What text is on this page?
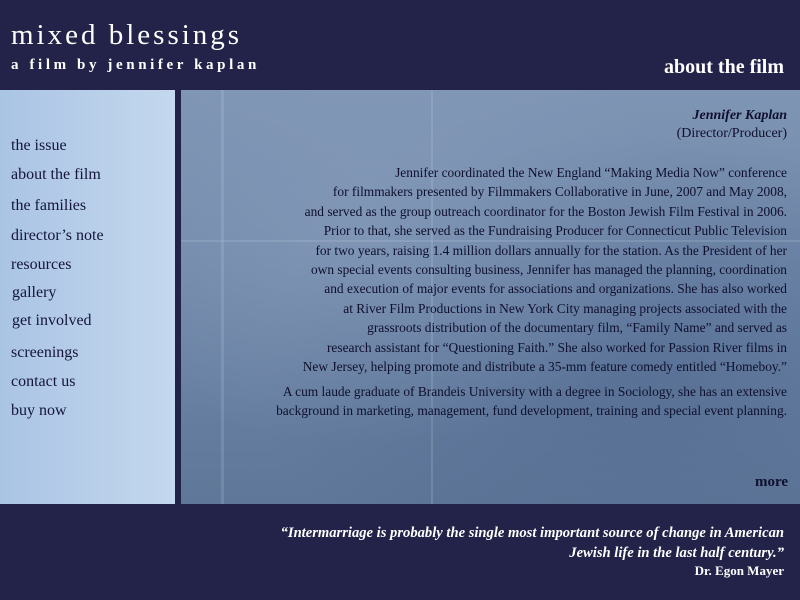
mixed blessings
a film by jennifer kaplan	about the film
the issue
about the film
the families
director’s note
resources
gallery
get involved
screenings
contact us
buy now
Jennifer Kaplan
(Director/Producer)
Jennifer coordinated the New England “Making Media Now” conference
for filmmakers presented by Filmmakers Collaborative in June, 2007 and May 2008,
and served as the group outreach coordinator for the Boston Jewish Film Festival in 2006.
Prior to that, she served as the Fundraising Producer for Connecticut Public Television
for two years, raising 1.4 million dollars annually for the station. As the President of her
own special events consulting business, Jennifer has managed the planning, coordination
and execution of major events for associations and organizations. She has also worked
at River Film Productions in New York City managing projects associated with the
grassroots distribution of the documentary film, “Family Name” and served as
research assistant for “Questioning Faith.” She also worked for Passion River films in
New Jersey, helping promote and distribute a 35-mm feature comedy entitled “Homeboy.”
A cum laude graduate of Brandeis University with a degree in Sociology, she has an extensive
background in marketing, management, fund development, training and special event planning.
more
“Intermarriage is probably the single most important source of change in American
Jewish life in the last half century.”
Dr. Egon Mayer
